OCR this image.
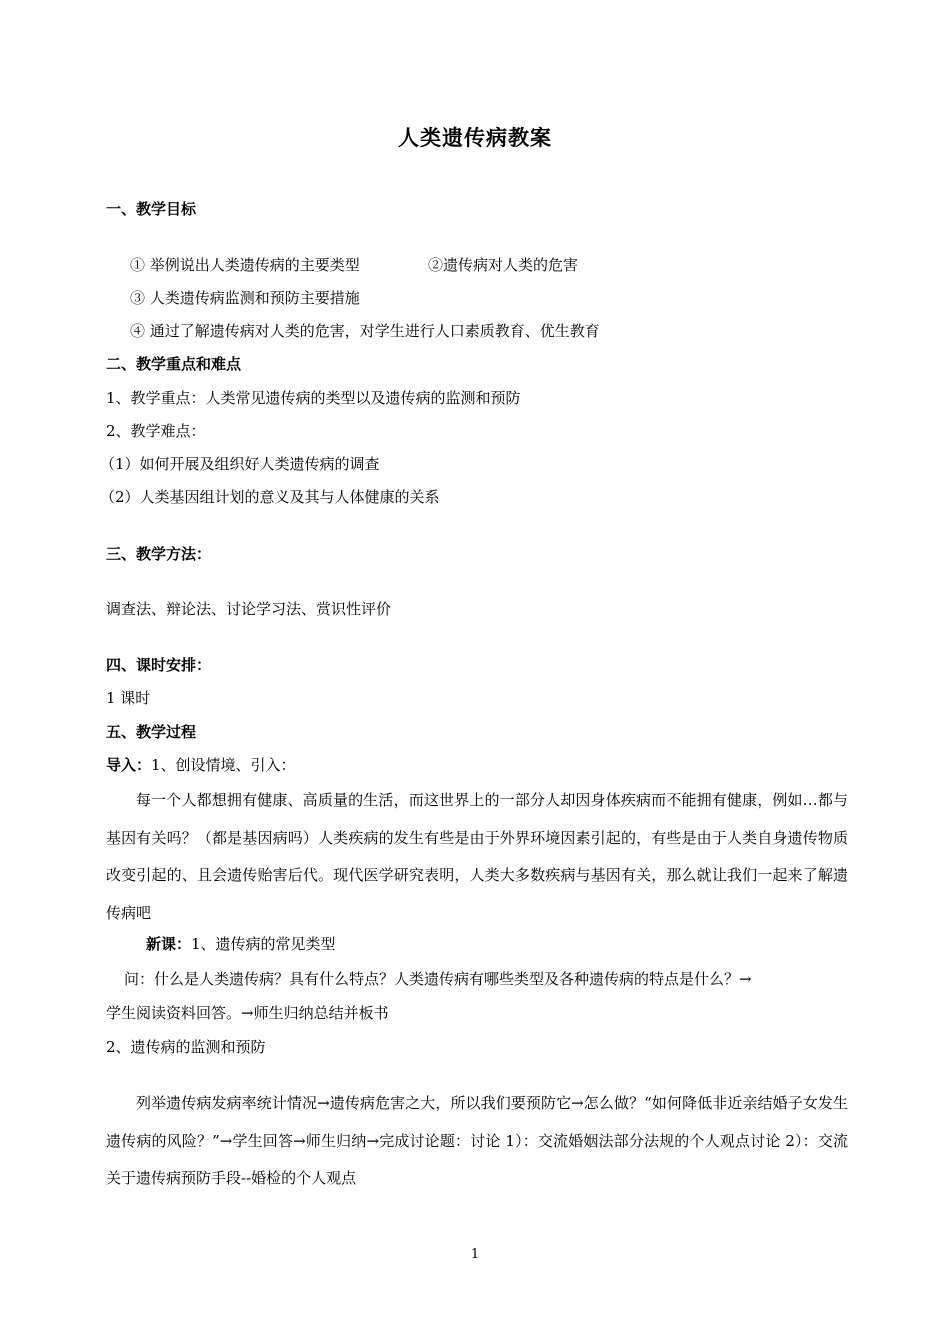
人类遗传病教案
一、教学目标
① 举例说出人类遗传病的主要类型	②遗传病对人类的危害
③ 人类遗传病监测和预防主要措施
④ 通过了解遗传病对人类的危害，对学生进行人口素质教育、优生教育
二、教学重点和难点
1、教学重点：人类常见遗传病的类型以及遗传病的监测和预防
2、教学难点：
（1）如何开展及组织好人类遗传病的调查
（2）人类基因组计划的意义及其与人体健康的关系
三、教学方法：
调查法、辩论法、讨论学习法、赏识性评价
四、课时安排：
1 课时
五、教学过程
导入：1、创设情境、引入：
每一个人都想拥有健康、高质量的生活，而这世界上的一部分人却因身体疾病而不能拥有健康，例如…都与基因有关吗？（都是基因病吗）人类疾病的发生有些是由于外界环境因素引起的，有些是由于人类自身遗传物质改变引起的、且会遗传贻害后代。现代医学研究表明，人类大多数疾病与基因有关，那么就让我们一起来了解遗传病吧
新课：1、遗传病的常见类型
问：什么是人类遗传病？具有什么特点？人类遗传病有哪些类型及各种遗传病的特点是什么？→
学生阅读资料回答。→师生归纳总结并板书
2、遗传病的监测和预防
列举遗传病发病率统计情况→遗传病危害之大，所以我们要预防它→怎么做？“如何降低非近亲结婚子女发生遗传病的风险？”→学生回答→师生归纳→完成讨论题：讨论 1）：交流婚姻法部分法规的个人观点讨论 2）：交流关于遗传病预防手段--婚检的个人观点
1
